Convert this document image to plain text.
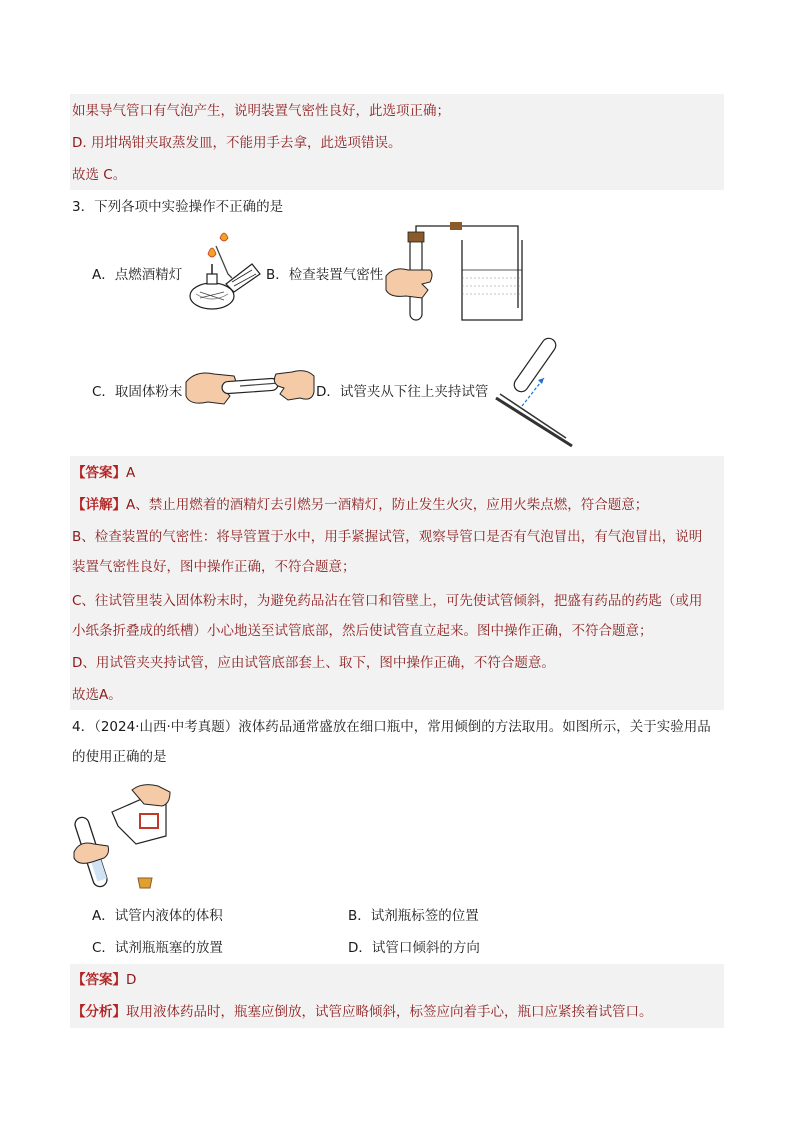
如果导气管口有气泡产生，说明装置气密性良好，此选项正确；
D. 用坩埚钳夹取蒸发皿，不能用手去拿，此选项错误。
故选 C。
3．下列各项中实验操作不正确的是
A．点燃酒精灯	B．检查装置气密性
C．取固体粉末	D．试管夹从下往上夹持试管
【答案】A
【详解】A、禁止用燃着的酒精灯去引燃另一酒精灯，防止发生火灾，应用火柴点燃，符合题意；
B、检查装置的气密性：将导管置于水中，用手紧握试管，观察导管口是否有气泡冒出，有气泡冒出，说明
装置气密性良好，图中操作正确，不符合题意；
C、往试管里装入固体粉末时，为避免药品沾在管口和管壁上，可先使试管倾斜，把盛有药品的药匙（或用
小纸条折叠成的纸槽）小心地送至试管底部，然后使试管直立起来。图中操作正确，不符合题意；
D、用试管夹夹持试管，应由试管底部套上、取下，图中操作正确，不符合题意。
故选A。
4．（2024·山西·中考真题）液体药品通常盛放在细口瓶中，常用倾倒的方法取用。如图所示，关于实验用品
的使用正确的是
A．试管内液体的体积	B．试剂瓶标签的位置
C．试剂瓶瓶塞的放置	D．试管口倾斜的方向
【答案】D
【分析】取用液体药品时，瓶塞应倒放，试管应略倾斜，标签应向着手心，瓶口应紧挨着试管口。
